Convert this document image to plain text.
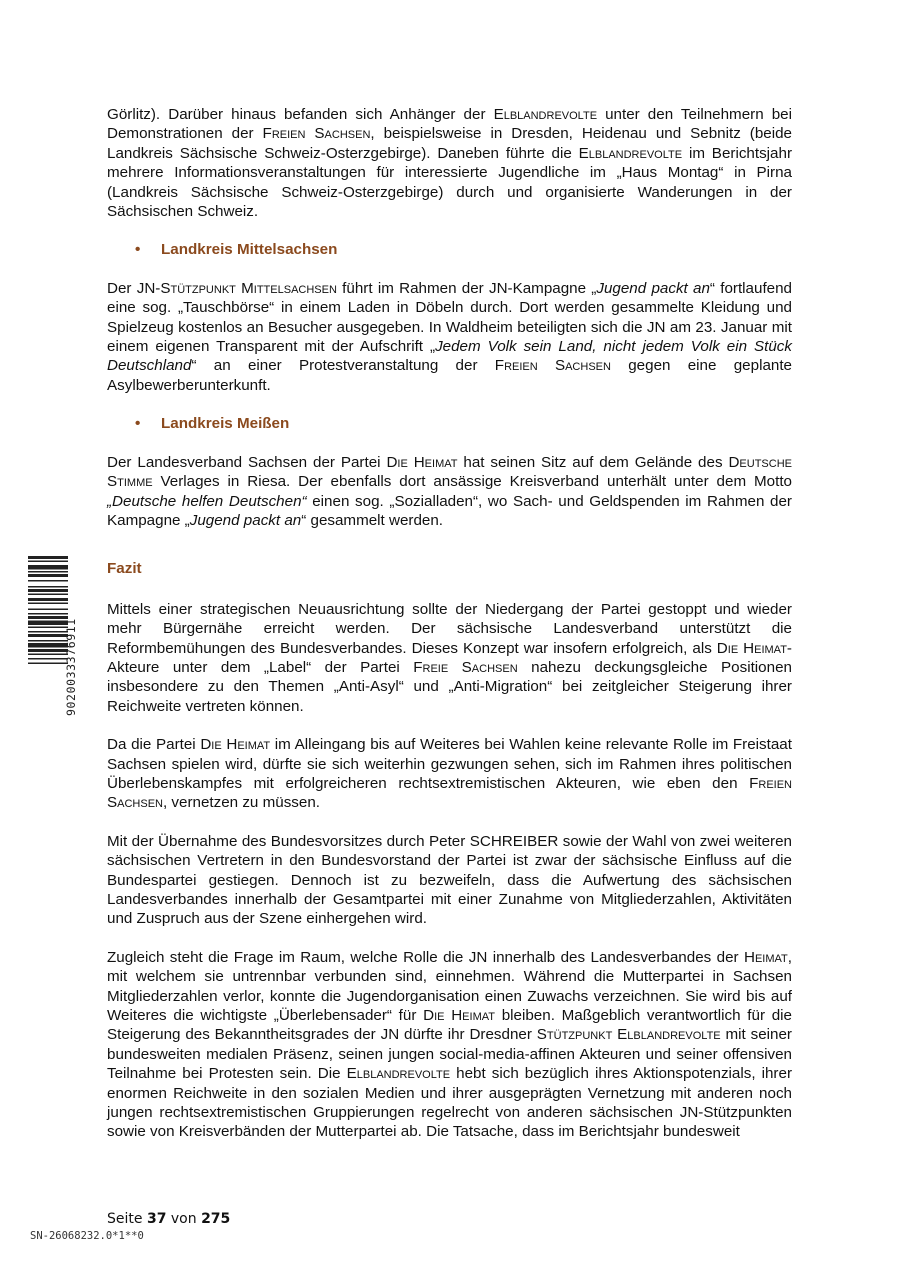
Görlitz). Darüber hinaus befanden sich Anhänger der Elblandrevolte unter den Teilnehmern bei Demonstrationen der Freien Sachsen, beispielsweise in Dresden, Heidenau und Sebnitz (beide Landkreis Sächsische Schweiz-Osterzgebirge). Daneben führte die Elblandrevolte im Berichtsjahr mehrere Informationsveranstaltungen für interessierte Jugendliche im „Haus Montag“ in Pirna (Landkreis Sächsische Schweiz-Osterzgebirge) durch und organisierte Wanderungen in der Sächsischen Schweiz.

•	Landkreis Mittelsachsen

Der JN-Stützpunkt Mittelsachsen führt im Rahmen der JN-Kampagne „Jugend packt an“ fortlaufend eine sog. „Tauschbörse“ in einem Laden in Döbeln durch. Dort werden gesammelte Kleidung und Spielzeug kostenlos an Besucher ausgegeben. In Waldheim beteiligten sich die JN am 23. Januar mit einem eigenen Transparent mit der Aufschrift „Jedem Volk sein Land, nicht jedem Volk ein Stück Deutschland“ an einer Protestveranstaltung der Freien Sachsen gegen eine geplante Asylbewerberunterkunft.

•	Landkreis Meißen

Der Landesverband Sachsen der Partei Die Heimat hat seinen Sitz auf dem Gelände des Deutsche Stimme Verlages in Riesa. Der ebenfalls dort ansässige Kreisverband unterhält unter dem Motto „Deutsche helfen Deutschen“ einen sog. „Sozialladen“, wo Sach- und Geldspenden im Rahmen der Kampagne „Jugend packt an“ gesammelt werden.

Fazit

Mittels einer strategischen Neuausrichtung sollte der Niedergang der Partei gestoppt und wieder mehr Bürgernähe erreicht werden. Der sächsische Landesverband unterstützt die Reformbemühungen des Bundesverbandes. Dieses Konzept war insofern erfolgreich, als Die Heimat-Akteure unter dem „Label“ der Partei Freie Sachsen nahezu deckungsgleiche Positionen insbesondere zu den Themen „Anti-Asyl“ und „Anti-Migration“ bei zeitgleicher Steigerung ihrer Reichweite vertreten können.

Da die Partei Die Heimat im Alleingang bis auf Weiteres bei Wahlen keine relevante Rolle im Freistaat Sachsen spielen wird, dürfte sie sich weiterhin gezwungen sehen, sich im Rahmen ihres politischen Überlebenskampfes mit erfolgreicheren rechtsextremistischen Akteuren, wie eben den Freien Sachsen, vernetzen zu müssen.

Mit der Übernahme des Bundesvorsitzes durch Peter SCHREIBER sowie der Wahl von zwei weiteren sächsischen Vertretern in den Bundesvorstand der Partei ist zwar der sächsische Einfluss auf die Bundespartei gestiegen. Dennoch ist zu bezweifeln, dass die Aufwertung des sächsischen Landesverbandes innerhalb der Gesamtpartei mit einer Zunahme von Mitgliederzahlen, Aktivitäten und Zuspruch aus der Szene einhergehen wird.

Zugleich steht die Frage im Raum, welche Rolle die JN innerhalb des Landesverbandes der Heimat, mit welchem sie untrennbar verbunden sind, einnehmen. Während die Mutterpartei in Sachsen Mitgliederzahlen verlor, konnte die Jugendorganisation einen Zuwachs verzeichnen. Sie wird bis auf Weiteres die wichtigste „Überlebensader“ für Die Heimat bleiben. Maßgeblich verantwortlich für die Steigerung des Bekanntheitsgrades der JN dürfte ihr Dresdner Stützpunkt Elblandrevolte mit seiner bundesweiten medialen Präsenz, seinen jungen social-media-affinen Akteuren und seiner offensiven Teilnahme bei Protesten sein. Die Elblandrevolte hebt sich bezüglich ihres Aktionspotenzials, ihrer enormen Reichweite in den sozialen Medien und ihrer ausgeprägten Vernetzung mit anderen noch jungen rechtsextremistischen Gruppierungen regelrecht von anderen sächsischen JN-Stützpunkten sowie von Kreisverbänden der Mutterpartei ab. Die Tatsache, dass im Berichtsjahr bundesweit

9020033376911
Seite 37 von 275
SN-26068232.0*1**0
